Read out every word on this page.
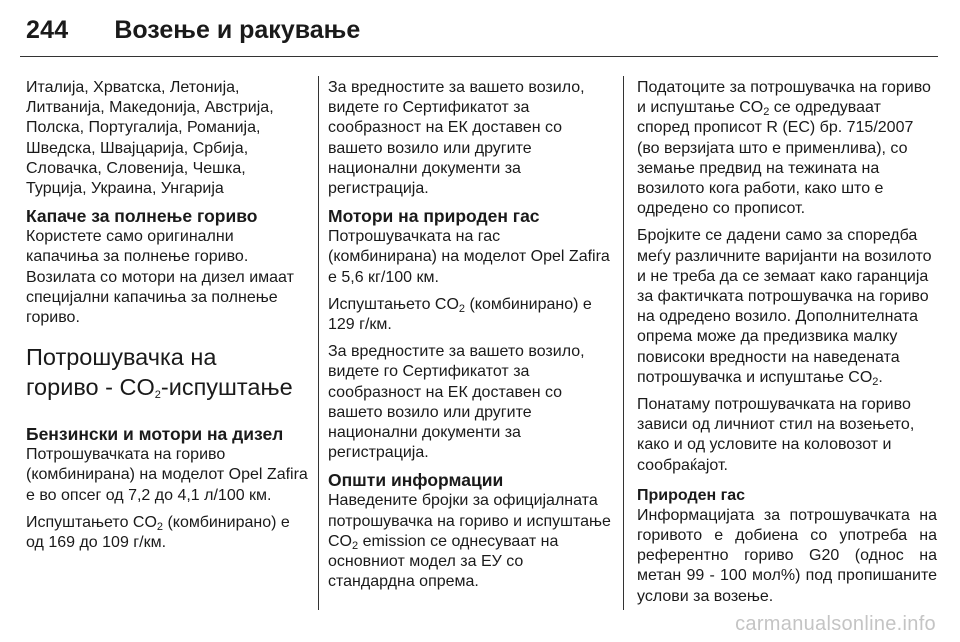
244 Возење и ракување

Италија, Хрватска, Летонија, Литванија, Македонија, Австрија, Полска, Португалија, Романија, Шведска, Швајцарија, Србија, Словачка, Словенија, Чешка, Турција, Украина, Унгарија

Капаче за полнење гориво

Користете само оригинални капачиња за полнење гориво. Возилата со мотори на дизел имаат специјални капачиња за полнење гориво.

Потрошувачка на
гориво - $CO_2$-испуштање
Бензински и мотори на дизел

Потрошувачката на гориво (комбинирана) на моделот Opel Zafira е во опсег од 7,2 до 4,1 л/100 км.

Испуштањето $CO_2$ (комбинирано) е од 169 до 109 г/км.

За вредностите за вашето возило, видете го Сертификатот за сообразност на ЕК доставен со вашето возило или другите национални документи за регистрација.

Мотори на природен гас

Потрошувачката на гас (комбинирана) на моделот Opel Zafira е 5,6 кг/100 км.

Испуштањето $CO_2$ (комбинирано) е 129 г/км.

За вредностите за вашето возило, видете го Сертификатот за сообразност на ЕК доставен со вашето возило или другите национални документи за регистрација.

Општи информации

Наведените бројки за официјалната потрошувачка на гориво и испуштање $CO_2$ emission се однесуваат на основниот модел за ЕУ со стандардна опрема.

Податоците за потрошувачка на гориво и испуштање $CO_2$ се одредуваат според прописот R (EC) бр. 715/2007 (во верзијата што е применлива), со земање предвид на тежината на возилото кога работи, како што е одредено со прописот.

Бројките се дадени само за споредба меѓу различните варијанти на возилото и не треба да се земаат како гаранција за фактичката потрошувачка на гориво на одредено возило. Дополнителната опрема може да предизвика малку повисоки вредности на наведената потрошувачка и испуштање $CO_2$.

Понатаму потрошувачката на гориво зависи од личниот стил на возењето, како и од условите на коловозот и сообраќајот.

Природен гас

Информацијата за потрошувачката на горивото е добиена со употреба на референтно гориво G20 (однос на метан 99 - 100 мол%) под пропишаните услови за возење.

carmanualsonline.info
